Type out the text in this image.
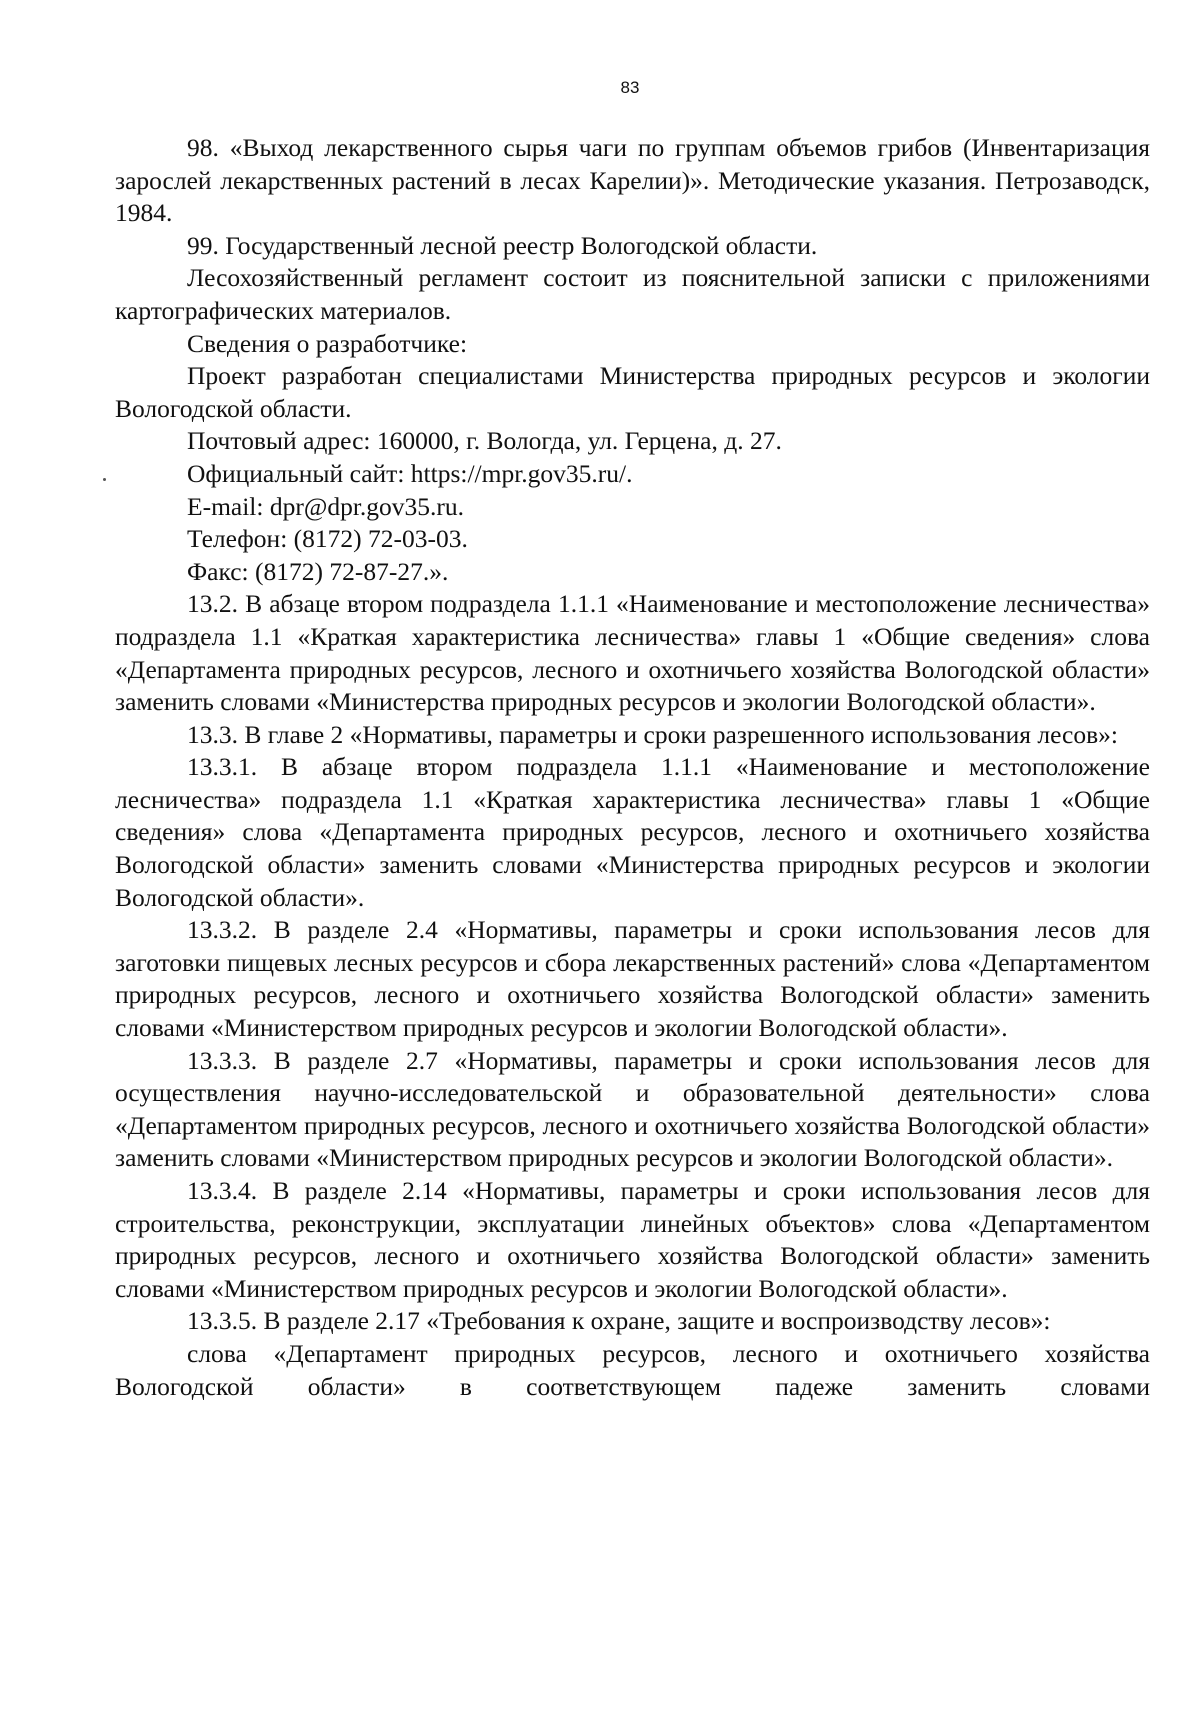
83

98. «Выход лекарственного сырья чаги по группам объемов грибов (Инвентаризация зарослей лекарственных растений в лесах Карелии)». Методические указания. Петрозаводск, 1984.

99. Государственный лесной реестр Вологодской области.

Лесохозяйственный регламент состоит из пояснительной записки с приложениями картографических материалов.

Сведения о разработчике:

Проект разработан специалистами Министерства природных ресурсов и экологии Вологодской области.

Почтовый адрес: 160000, г. Вологда, ул. Герцена, д. 27.

Официальный сайт: https://mpr.gov35.ru/.

E-mail: dpr@dpr.gov35.ru.

Телефон: (8172) 72-03-03.

Факс: (8172) 72-87-27.».

13.2. В абзаце втором подраздела 1.1.1 «Наименование и местоположение лесничества» подраздела 1.1 «Краткая характеристика лесничества» главы 1 «Общие сведения» слова «Департамента природных ресурсов, лесного и охотничьего хозяйства Вологодской области» заменить словами «Министерства природных ресурсов и экологии Вологодской области».

13.3. В главе 2 «Нормативы, параметры и сроки разрешенного использования лесов»:

13.3.1. В абзаце втором подраздела 1.1.1 «Наименование и местоположение лесничества» подраздела 1.1 «Краткая характеристика лесничества» главы 1 «Общие сведения» слова «Департамента природных ресурсов, лесного и охотничьего хозяйства Вологодской области» заменить словами «Министерства природных ресурсов и экологии Вологодской области».

13.3.2. В разделе 2.4 «Нормативы, параметры и сроки использования лесов для заготовки пищевых лесных ресурсов и сбора лекарственных растений» слова «Департаментом природных ресурсов, лесного и охотничьего хозяйства Вологодской области» заменить словами «Министерством природных ресурсов и экологии Вологодской области».

13.3.3. В разделе 2.7 «Нормативы, параметры и сроки использования лесов для осуществления научно-исследовательской и образовательной деятельности» слова «Департаментом природных ресурсов, лесного и охотничьего хозяйства Вологодской области» заменить словами «Министерством природных ресурсов и экологии Вологодской области».

13.3.4. В разделе 2.14 «Нормативы, параметры и сроки использования лесов для строительства, реконструкции, эксплуатации линейных объектов» слова «Департаментом природных ресурсов, лесного и охотничьего хозяйства Вологодской области» заменить словами «Министерством природных ресурсов и экологии Вологодской области».

13.3.5. В разделе 2.17 «Требования к охране, защите и воспроизводству лесов»:

слова «Департамент природных ресурсов, лесного и охотничьего хозяйства Вологодской области» в соответствующем падеже заменить словами
